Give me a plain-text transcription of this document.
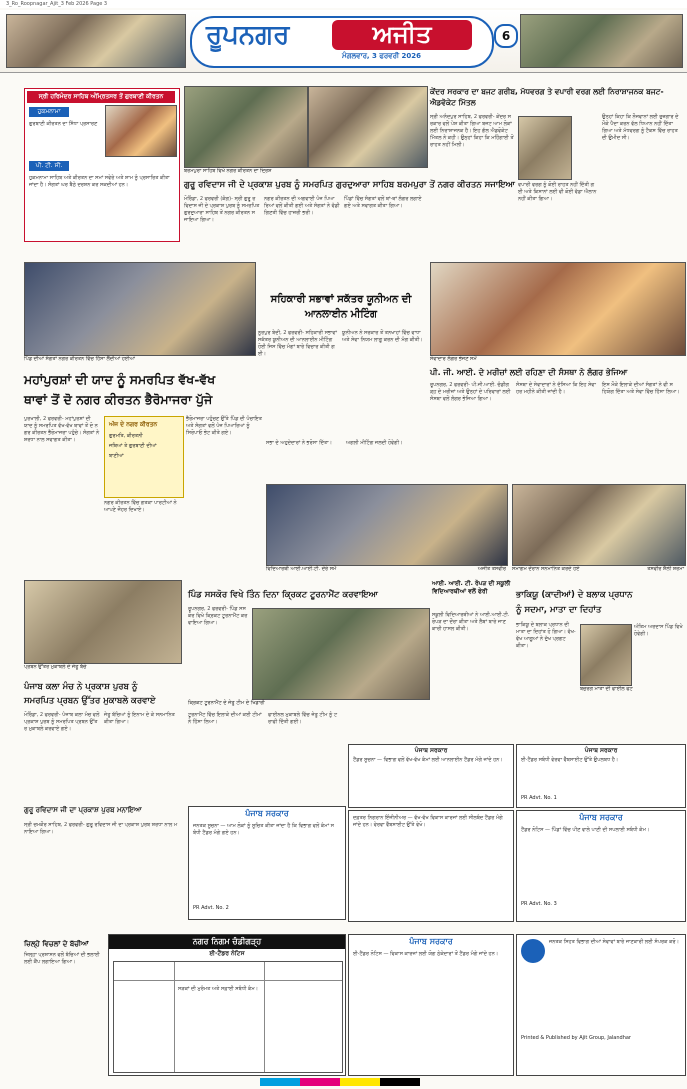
3_Ro_Roopnagar_Ajit_3 Feb 2026 Page 3
ਰੂਪਨਗਰ	ਅਜੀਤ
ਮੰਗਲਵਾਰ, 3 ਫਰਵਰੀ 2026
6
ਸ੍ਰੀ ਹਰਿਮੰਦਰ ਸਾਹਿਬ ਅੰਮ੍ਰਿਤਸਰ ਤੋਂ ਗੁਰਬਾਣੀ ਕੀਰਤਨ
ਹੁਕਮਨਾਮਾ
ਗੁਰਬਾਣੀ ਕੀਰਤਨ ਦਾ ਸਿੱਧਾ ਪ੍ਰਸਾਰਣ
ਪੀ. ਟੀ. ਸੀ.
ਹੁਕਮਨਾਮਾ ਸਾਹਿਬ ਅਤੇ ਕੀਰਤਨ ਦਾ ਸਮਾਂ ਸਵੇਰੇ ਅਤੇ ਸ਼ਾਮ ਨੂੰ ਪ੍ਰਸਾਰਿਤ ਕੀਤਾ ਜਾਂਦਾ ਹੈ। ਸੰਗਤਾਂ ਘਰ ਬੈਠੇ ਦਰਸ਼ਨ ਕਰ ਸਕਦੀਆਂ ਹਨ।
ਬਰਮਪੁਰਾ ਸਾਹਿਬ ਵਿਖੇ ਨਗਰ ਕੀਰਤਨ ਦਾ ਦ੍ਰਿਸ਼
ਗੁਰੂ ਰਵਿਦਾਸ ਜੀ ਦੇ ਪ੍ਰਕਾਸ਼ ਪੁਰਬ ਨੂੰ ਸਮਰਪਿਤ ਗੁਰਦੁਆਰਾ ਸਾਹਿਬ ਬਰਮਪੁਰਾ ਤੋਂ ਨਗਰ ਕੀਰਤਨ ਸਜਾਇਆ
ਮੋਰਿੰਡਾ, 2 ਫਰਵਰੀ (ਕੰਗ)- ਸ੍ਰੀ ਗੁਰੂ ਰਵਿਦਾਸ ਜੀ ਦੇ ਪ੍ਰਕਾਸ਼ ਪੁਰਬ ਨੂੰ ਸਮਰਪਿਤ ਗੁਰਦੁਆਰਾ ਸਾਹਿਬ ਤੋਂ ਨਗਰ ਕੀਰਤਨ ਸਜਾਇਆ ਗਿਆ।
ਨਗਰ ਕੀਰਤਨ ਦੀ ਅਗਵਾਈ ਪੰਜ ਪਿਆਰਿਆਂ ਵਲੋਂ ਕੀਤੀ ਗਈ ਅਤੇ ਸੰਗਤਾਂ ਨੇ ਵੱਡੀ ਗਿਣਤੀ ਵਿੱਚ ਹਾਜ਼ਰੀ ਭਰੀ।
ਪਿੰਡਾਂ ਵਿੱਚ ਸੰਗਤਾਂ ਵਲੋਂ ਥਾਂ-ਥਾਂ ਲੰਗਰ ਲਗਾਏ ਗਏ ਅਤੇ ਸਵਾਗਤ ਕੀਤਾ ਗਿਆ।
ਕੇਂਦਰ ਸਰਕਾਰ ਦਾ ਬਜਟ ਗਰੀਬ, ਮੱਧਵਰਗ ਤੇ ਵਪਾਰੀ ਵਰਗ ਲਈ ਨਿਰਾਸ਼ਾਜਨਕ ਬਜਟ-ਐਡਵੋਕੇਟ ਮਿੱਤਲ
ਸ੍ਰੀ ਅਨੰਦਪੁਰ ਸਾਹਿਬ, 2 ਫਰਵਰੀ- ਕੇਂਦਰ ਸਰਕਾਰ ਵਲੋਂ ਪੇਸ਼ ਕੀਤਾ ਗਿਆ ਬਜਟ ਆਮ ਲੋਕਾਂ ਲਈ ਨਿਰਾਸ਼ਾਜਨਕ ਹੈ। ਇਹ ਗੱਲ ਐਡਵੋਕੇਟ ਮਿੱਤਲ ਨੇ ਕਹੀ। ਉਨ੍ਹਾਂ ਕਿਹਾ ਕਿ ਮਹਿੰਗਾਈ ਤੋਂ ਰਾਹਤ ਨਹੀਂ ਮਿਲੀ।
ਵਪਾਰੀ ਵਰਗ ਨੂੰ ਕੋਈ ਰਾਹਤ ਨਹੀਂ ਦਿੱਤੀ ਗਈ ਅਤੇ ਕਿਸਾਨਾਂ ਲਈ ਵੀ ਕੋਈ ਵੱਡਾ ਐਲਾਨ ਨਹੀਂ ਕੀਤਾ ਗਿਆ।
ਉਨ੍ਹਾਂ ਕਿਹਾ ਕਿ ਨੌਜਵਾਨਾਂ ਲਈ ਰੁਜ਼ਗਾਰ ਦੇ ਮੌਕੇ ਪੈਦਾ ਕਰਨ ਵੱਲ ਧਿਆਨ ਨਹੀਂ ਦਿੱਤਾ ਗਿਆ ਅਤੇ ਮੱਧਵਰਗ ਨੂੰ ਟੈਕਸ ਵਿੱਚ ਰਾਹਤ ਦੀ ਉਮੀਦ ਸੀ।
ਪਿੰਡ ਦੀਆਂ ਸੰਗਤਾਂ ਨਗਰ ਕੀਰਤਨ ਵਿੱਚ ਹਿੱਸਾ ਲੈਂਦੀਆਂ ਹੋਈਆਂ
ਸਹਿਕਾਰੀ ਸਭਾਵਾਂ ਸਕੱਤਰ ਯੂਨੀਅਨ ਦੀ ਆਨਲਾਈਨ ਮੀਟਿੰਗ
ਨੂਰਪੁਰ ਬੇਦੀ, 2 ਫਰਵਰੀ- ਸਹਿਕਾਰੀ ਸਭਾਵਾਂ ਸਕੱਤਰ ਯੂਨੀਅਨ ਦੀ ਆਨਲਾਈਨ ਮੀਟਿੰਗ ਹੋਈ ਜਿਸ ਵਿੱਚ ਮੰਗਾਂ ਬਾਰੇ ਵਿਚਾਰ ਕੀਤੀ ਗਈ।
ਯੂਨੀਅਨ ਨੇ ਸਰਕਾਰ ਤੋਂ ਤਨਖਾਹਾਂ ਵਿੱਚ ਵਾਧਾ ਅਤੇ ਸੇਵਾ ਨਿਯਮ ਲਾਗੂ ਕਰਨ ਦੀ ਮੰਗ ਕੀਤੀ।
ਸੇਵਾਦਾਰ ਲੰਗਰ ਭੇਜਣ ਸਮੇਂ
ਪੀ. ਜੀ. ਆਈ. ਦੇ ਮਰੀਜ਼ਾਂ ਲਈ ਰਹਿਣਾ ਦੀ ਸੰਸਥਾ ਨੇ ਲੰਗਰ ਭੇਜਿਆ
ਮਹਾਂਪੁਰਸ਼ਾਂ ਦੀ ਯਾਦ ਨੂੰ ਸਮਰਪਿਤ ਵੱਖ-ਵੱਖ
ਥਾਵਾਂ ਤੋਂ ਦੋ ਨਗਰ ਕੀਰਤਨ ਭੈਰੋਮਾਜਰਾ ਪੁੱਜੇ
ਰੂਪਨਗਰ, 2 ਫਰਵਰੀ- ਪੀ.ਜੀ.ਆਈ. ਚੰਡੀਗੜ੍ਹ ਦੇ ਮਰੀਜ਼ਾਂ ਅਤੇ ਉਨ੍ਹਾਂ ਦੇ ਪਰਿਵਾਰਾਂ ਲਈ ਸੰਸਥਾ ਵਲੋਂ ਲੰਗਰ ਭੇਜਿਆ ਗਿਆ।
ਸੰਸਥਾ ਦੇ ਸੇਵਾਦਾਰਾਂ ਨੇ ਦੱਸਿਆ ਕਿ ਇਹ ਸੇਵਾ ਹਰ ਮਹੀਨੇ ਕੀਤੀ ਜਾਂਦੀ ਹੈ।
ਇਸ ਮੌਕੇ ਇਲਾਕੇ ਦੀਆਂ ਸੰਗਤਾਂ ਨੇ ਵੀ ਸਹਿਯੋਗ ਦਿੱਤਾ ਅਤੇ ਸੇਵਾ ਵਿੱਚ ਹਿੱਸਾ ਲਿਆ।
ਪੁਰਖਾਲੀ, 2 ਫਰਵਰੀ- ਮਹਾਂਪੁਰਸ਼ਾਂ ਦੀ ਯਾਦ ਨੂੰ ਸਮਰਪਿਤ ਵੱਖ-ਵੱਖ ਥਾਵਾਂ ਤੋਂ ਦੋ ਨਗਰ ਕੀਰਤਨ ਭੈਰੋਮਾਜਰਾ ਪਹੁੰਚੇ। ਸੰਗਤਾਂ ਨੇ ਸ਼ਰਧਾ ਨਾਲ ਸਵਾਗਤ ਕੀਤਾ।
ਅੱਜ ਦੇ ਨਗਰ ਕੀਰਤਨ
ਗੁਰਮਤਿ, ਕੀਰਤਨੀ
ਜਥਿਆਂ ਤੇ ਗੁਰਬਾਣੀ ਦੀਆਂ
ਬਾਣੀਆਂ
ਨਗਰ ਕੀਰਤਨ ਵਿੱਚ ਗਤਕਾ ਪਾਰਟੀਆਂ ਨੇ ਆਪਣੇ ਜੌਹਰ ਦਿਖਾਏ।
ਭੈਰੋਮਾਜਰਾ ਪਹੁੰਚਣ ਉੱਤੇ ਪਿੰਡ ਦੀ ਪੰਚਾਇਤ ਅਤੇ ਸੰਗਤਾਂ ਵਲੋਂ ਪੰਜ ਪਿਆਰਿਆਂ ਨੂੰ ਸਿਰੋਪਾਓ ਭੇਟ ਕੀਤੇ ਗਏ।
ਸਭਾ ਦੇ ਅਹੁਦੇਦਾਰਾਂ ਨੇ ਭਰੋਸਾ ਦਿੱਤਾ।	ਅਗਲੀ ਮੀਟਿੰਗ ਜਲਦੀ ਹੋਵੇਗੀ।
ਵਿਦਿਆਰਥੀ ਆਈ.ਆਈ.ਟੀ. ਦੌਰੇ ਸਮੇਂ	ਅਜੀਤ ਤਸਵੀਰ ਸਮਾਗਮ ਦੌਰਾਨ ਸਨਮਾਨਿਤ ਕਰਦੇ ਹੋਏ	ਤਸਵੀਰ ਸ਼ੈਲੀ ਸ਼ਰਮਾ
ਪ੍ਰਬਨ ਉੱਤਰ ਮੁਕਾਬਲੇ ਦੇ ਜੇਤੂ ਬੱਚੇ
ਪੰਜਾਬ ਕਲਾ ਮੰਚ ਨੇ ਪ੍ਰਕਾਸ਼ ਪੁਰਬ ਨੂੰ
ਸਮਰਪਿਤ ਪ੍ਰਬਨ ਉੱਤਰ ਮੁਕਾਬਲੇ ਕਰਵਾਏ
ਮੋਰਿੰਡਾ, 2 ਫਰਵਰੀ- ਪੰਜਾਬ ਕਲਾ ਮੰਚ ਵਲੋਂ ਪ੍ਰਕਾਸ਼ ਪੁਰਬ ਨੂੰ ਸਮਰਪਿਤ ਪ੍ਰਬਨ ਉੱਤਰ ਮੁਕਾਬਲੇ ਕਰਵਾਏ ਗਏ।
ਜੇਤੂ ਬੱਚਿਆਂ ਨੂੰ ਇਨਾਮ ਦੇ ਕੇ ਸਨਮਾਨਿਤ ਕੀਤਾ ਗਿਆ।
ਪਿੰਡ ਸਸਕੋਰ ਵਿਖੇ ਤਿੰਨ ਦਿਨਾ ਕ੍ਰਿਕਟ ਟੂਰਨਾਮੈਂਟ ਕਰਵਾਇਆ
ਰੂਪਨਗਰ, 2 ਫਰਵਰੀ- ਪਿੰਡ ਸਸਕੋਰ ਵਿਖੇ ਕ੍ਰਿਕਟ ਟੂਰਨਾਮੈਂਟ ਕਰਵਾਇਆ ਗਿਆ।
ਕ੍ਰਿਕਟ ਟੂਰਨਾਮੈਂਟ ਦੇ ਜੇਤੂ ਟੀਮ ਦੇ ਖਿਡਾਰੀ
ਟੂਰਨਾਮੈਂਟ ਵਿੱਚ ਇਲਾਕੇ ਦੀਆਂ ਕਈ ਟੀਮਾਂ ਨੇ ਹਿੱਸਾ ਲਿਆ।
ਫਾਈਨਲ ਮੁਕਾਬਲੇ ਵਿੱਚ ਜੇਤੂ ਟੀਮ ਨੂੰ ਟਰਾਫੀ ਦਿੱਤੀ ਗਈ।
ਆਈ. ਆਈ. ਟੀ. ਰੋਪੜ ਦੀ ਸਕੂਲੀ ਵਿਦਿਆਰਥੀਆਂ ਵਲੋਂ ਫੇਰੀ
ਸਕੂਲੀ ਵਿਦਿਆਰਥੀਆਂ ਨੇ ਆਈ.ਆਈ.ਟੀ. ਰੋਪੜ ਦਾ ਦੌਰਾ ਕੀਤਾ ਅਤੇ ਲੈਬਾਂ ਬਾਰੇ ਜਾਣਕਾਰੀ ਹਾਸਲ ਕੀਤੀ।
ਭਾਕਿਯੂ (ਕਾਦੀਆਂ) ਦੇ ਬਲਾਕ ਪ੍ਰਧਾਨ
ਨੂੰ ਸਦਮਾ, ਮਾਤਾ ਦਾ ਦਿਹਾਂਤ
ਭਾਕਿਯੂ ਦੇ ਬਲਾਕ ਪ੍ਰਧਾਨ ਦੀ ਮਾਤਾ ਦਾ ਦਿਹਾਂਤ ਹੋ ਗਿਆ। ਵੱਖ-ਵੱਖ ਆਗੂਆਂ ਨੇ ਦੁੱਖ ਪ੍ਰਗਟ ਕੀਤਾ।
ਬਜ਼ੁਰਗ ਮਾਤਾ ਦੀ ਫਾਈਲ ਫੋਟੋ
ਅੰਤਿਮ ਅਰਦਾਸ ਪਿੰਡ ਵਿਖੇ ਹੋਵੇਗੀ।
ਪੰਜਾਬ ਸਰਕਾਰ
ਟੈਂਡਰ ਸੂਚਨਾ — ਵਿਭਾਗ ਵਲੋਂ ਵੱਖ-ਵੱਖ ਕੰਮਾਂ ਲਈ ਆਨਲਾਈਨ ਟੈਂਡਰ ਮੰਗੇ ਜਾਂਦੇ ਹਨ।
ਪੰਜਾਬ ਸਰਕਾਰ
ਈ-ਟੈਂਡਰ ਸਬੰਧੀ ਵੇਰਵਾ ਵੈੱਬਸਾਈਟ ਉੱਤੇ ਉਪਲਬਧ ਹੈ।
PR Advt. No. 1
ਗੁਰੂ ਰਵਿਦਾਸ ਜੀ ਦਾ ਪ੍ਰਕਾਸ਼ ਪੁਰਬ ਮਨਾਇਆ
ਸ੍ਰੀ ਚਮਕੌਰ ਸਾਹਿਬ, 2 ਫਰਵਰੀ- ਗੁਰੂ ਰਵਿਦਾਸ ਜੀ ਦਾ ਪ੍ਰਕਾਸ਼ ਪੁਰਬ ਸ਼ਰਧਾ ਨਾਲ ਮਨਾਇਆ ਗਿਆ।
ਪੰਜਾਬ ਸਰਕਾਰ
ਜਨਤਕ ਸੂਚਨਾ — ਆਮ ਲੋਕਾਂ ਨੂੰ ਸੂਚਿਤ ਕੀਤਾ ਜਾਂਦਾ ਹੈ ਕਿ ਵਿਭਾਗ ਵਲੋਂ ਕੰਮਾਂ ਸਬੰਧੀ ਟੈਂਡਰ ਮੰਗੇ ਗਏ ਹਨ।
PR Advt. No. 2
ਦਫ਼ਤਰ ਨਿਗਰਾਨ ਇੰਜੀਨੀਅਰ — ਵੱਖ-ਵੱਖ ਵਿਕਾਸ ਕਾਰਜਾਂ ਲਈ ਸੀਲਬੰਦ ਟੈਂਡਰ ਮੰਗੇ ਜਾਂਦੇ ਹਨ। ਵੇਰਵਾ ਵੈੱਬਸਾਈਟ ਉੱਤੇ ਵੇਖੋ।
ਪੰਜਾਬ ਸਰਕਾਰ
ਟੈਂਡਰ ਨੋਟਿਸ — ਪਿੰਡਾਂ ਵਿੱਚ ਪੀਣ ਵਾਲੇ ਪਾਣੀ ਦੀ ਸਪਲਾਈ ਸਬੰਧੀ ਕੰਮ।
PR Advt. No. 3
ਜ਼ਿਲ੍ਹੇ ਵਿਚਲਾਂ ਦੇ ਬੱਚੀਆਂ
ਜ਼ਿਲ੍ਹਾ ਪ੍ਰਸ਼ਾਸਨ ਵਲੋਂ ਬੱਚਿਆਂ ਦੀ ਭਲਾਈ ਲਈ ਕੈਂਪ ਲਗਾਇਆ ਗਿਆ।
ਨਗਰ ਨਿਗਮ ਚੰਡੀਗੜ੍ਹ
ਈ-ਟੈਂਡਰ ਨੋਟਿਸ
ਸੜਕਾਂ ਦੀ ਮੁਰੰਮਤ ਅਤੇ ਸਫ਼ਾਈ ਸਬੰਧੀ ਕੰਮ।
ਪੰਜਾਬ ਸਰਕਾਰ
ਈ-ਟੈਂਡਰ ਨੋਟਿਸ — ਵਿਕਾਸ ਕਾਰਜਾਂ ਲਈ ਯੋਗ ਠੇਕੇਦਾਰਾਂ ਤੋਂ ਟੈਂਡਰ ਮੰਗੇ ਜਾਂਦੇ ਹਨ।
ਜਨਤਕ ਸਿਹਤ ਵਿਭਾਗ ਦੀਆਂ ਸੇਵਾਵਾਂ ਬਾਰੇ ਜਾਣਕਾਰੀ ਲਈ ਸੰਪਰਕ ਕਰੋ।
Printed & Published by Ajit Group, Jalandhar
